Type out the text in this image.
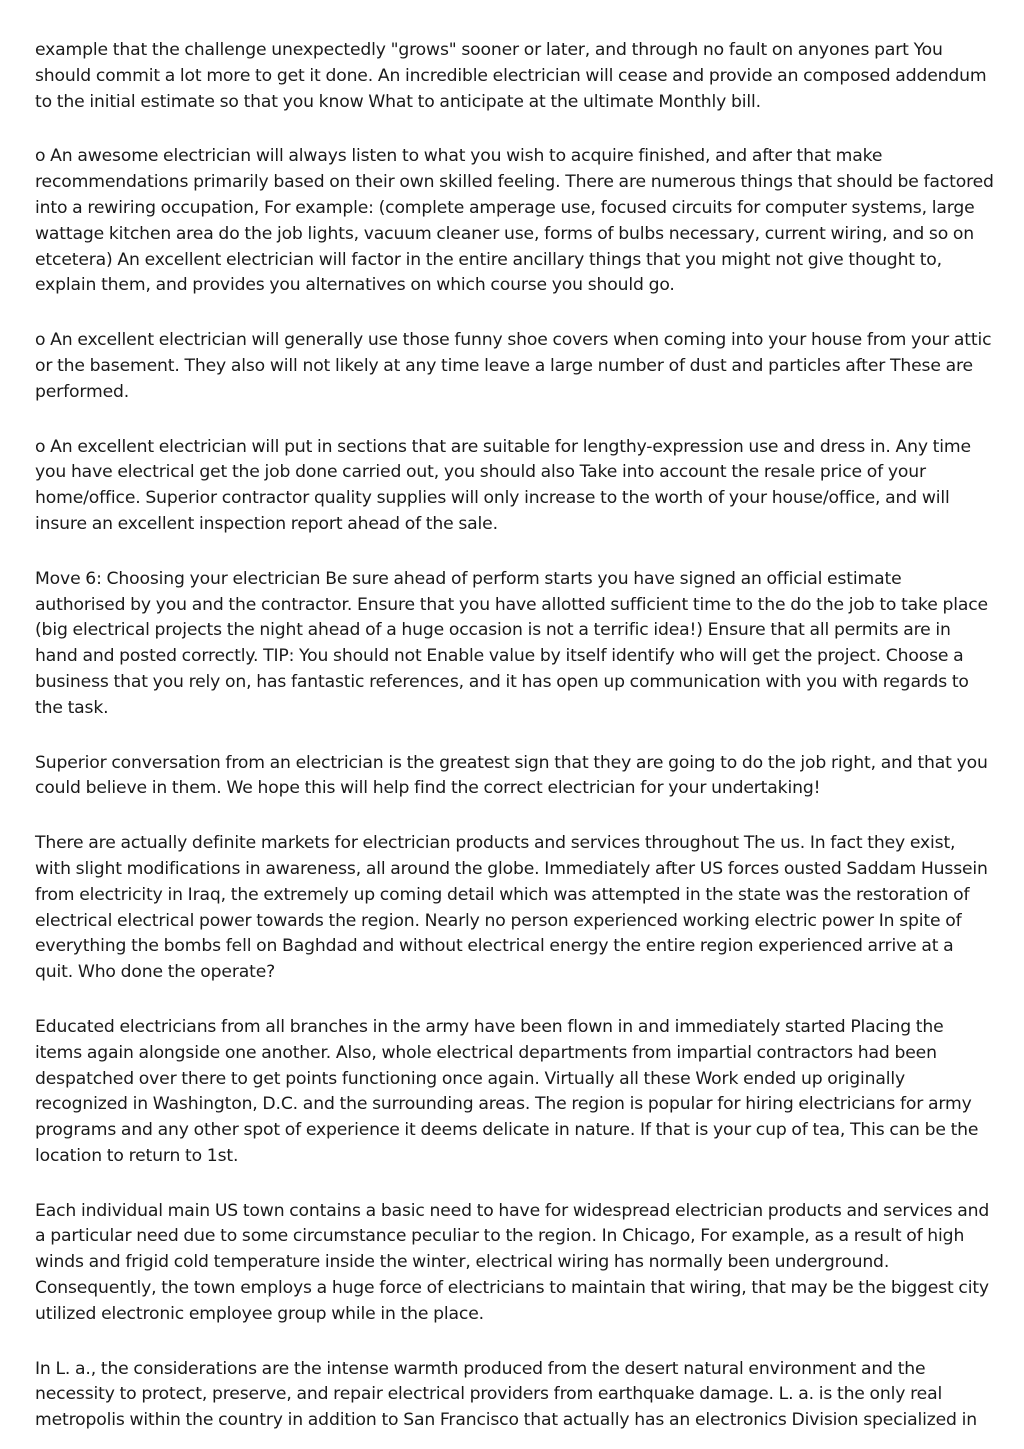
example that the challenge unexpectedly "grows" sooner or later, and through no fault on anyones part You should commit a lot more to get it done. An incredible electrician will cease and provide an composed addendum to the initial estimate so that you know What to anticipate at the ultimate Monthly bill.

o An awesome electrician will always listen to what you wish to acquire finished, and after that make recommendations primarily based on their own skilled feeling. There are numerous things that should be factored into a rewiring occupation, For example: (complete amperage use, focused circuits for computer systems, large wattage kitchen area do the job lights, vacuum cleaner use, forms of bulbs necessary, current wiring, and so on etcetera) An excellent electrician will factor in the entire ancillary things that you might not give thought to, explain them, and provides you alternatives on which course you should go.

o An excellent electrician will generally use those funny shoe covers when coming into your house from your attic or the basement. They also will not likely at any time leave a large number of dust and particles after These are performed.

o An excellent electrician will put in sections that are suitable for lengthy-expression use and dress in. Any time you have electrical get the job done carried out, you should also Take into account the resale price of your home/office. Superior contractor quality supplies will only increase to the worth of your house/office, and will insure an excellent inspection report ahead of the sale.

Move 6: Choosing your electrician Be sure ahead of perform starts you have signed an official estimate authorised by you and the contractor. Ensure that you have allotted sufficient time to the do the job to take place (big electrical projects the night ahead of a huge occasion is not a terrific idea!) Ensure that all permits are in hand and posted correctly. TIP: You should not Enable value by itself identify who will get the project. Choose a business that you rely on, has fantastic references, and it has open up communication with you with regards to the task.

Superior conversation from an electrician is the greatest sign that they are going to do the job right, and that you could believe in them. We hope this will help find the correct electrician for your undertaking!

There are actually definite markets for electrician products and services throughout The us. In fact they exist, with slight modifications in awareness, all around the globe. Immediately after US forces ousted Saddam Hussein from electricity in Iraq, the extremely up coming detail which was attempted in the state was the restoration of electrical electrical power towards the region. Nearly no person experienced working electric power In spite of everything the bombs fell on Baghdad and without electrical energy the entire region experienced arrive at a quit. Who done the operate?

Educated electricians from all branches in the army have been flown in and immediately started Placing the items again alongside one another. Also, whole electrical departments from impartial contractors had been despatched over there to get points functioning once again. Virtually all these Work ended up originally recognized in Washington, D.C. and the surrounding areas. The region is popular for hiring electricians for army programs and any other spot of experience it deems delicate in nature. If that is your cup of tea, This can be the location to return to 1st.

Each individual main US town contains a basic need to have for widespread electrician products and services and a particular need due to some circumstance peculiar to the region. In Chicago, For example, as a result of high winds and frigid cold temperature inside the winter, electrical wiring has normally been underground. Consequently, the town employs a huge force of electricians to maintain that wiring, that may be the biggest city utilized electronic employee group while in the place.

In L. a., the considerations are the intense warmth produced from the desert natural environment and the necessity to protect, preserve, and repair electrical providers from earthquake damage. L. a. is the only real metropolis within the country in addition to San Francisco that actually has an electronics Division specialized in
